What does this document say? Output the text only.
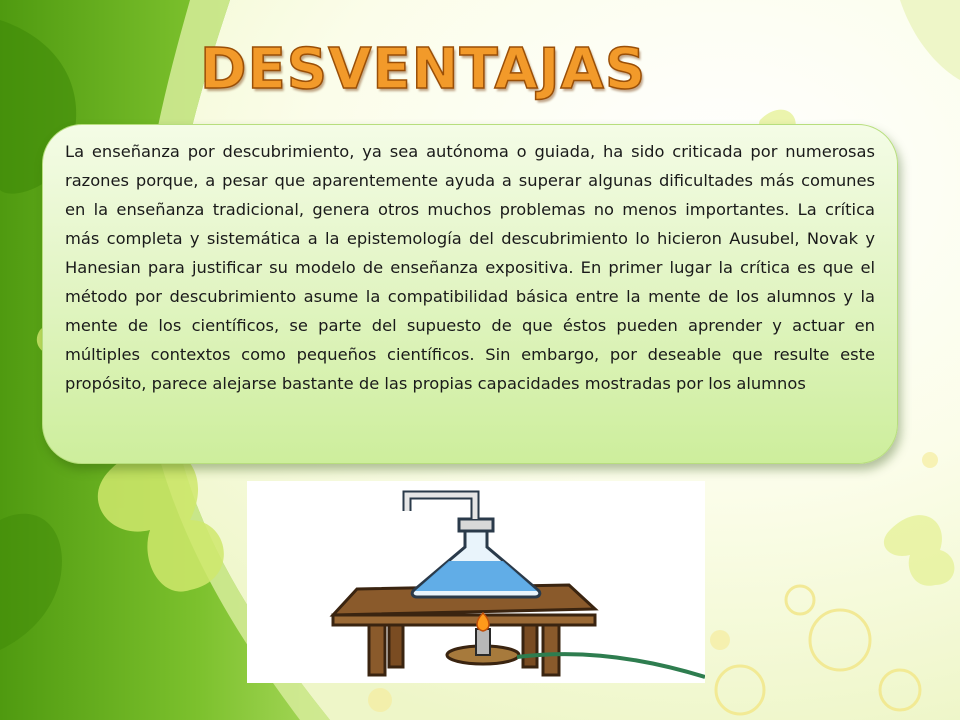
DESVENTAJAS

La enseñanza por descubrimiento, ya sea autónoma o guiada, ha sido criticada por numerosas razones porque, a pesar que aparentemente ayuda a superar algunas dificultades más comunes en la enseñanza tradicional, genera otros muchos problemas no menos importantes. La crítica más completa y sistemática a la epistemología del descubrimiento lo hicieron Ausubel, Novak y Hanesian para justificar su modelo de enseñanza expositiva. En primer lugar la crítica es que el método por descubrimiento asume la compatibilidad básica entre la mente de los alumnos y la mente de los científicos, se parte del supuesto de que éstos pueden aprender y actuar en múltiples contextos como pequeños científicos. Sin embargo, por deseable que resulte este propósito, parece alejarse bastante de las propias capacidades mostradas por los alumnos
